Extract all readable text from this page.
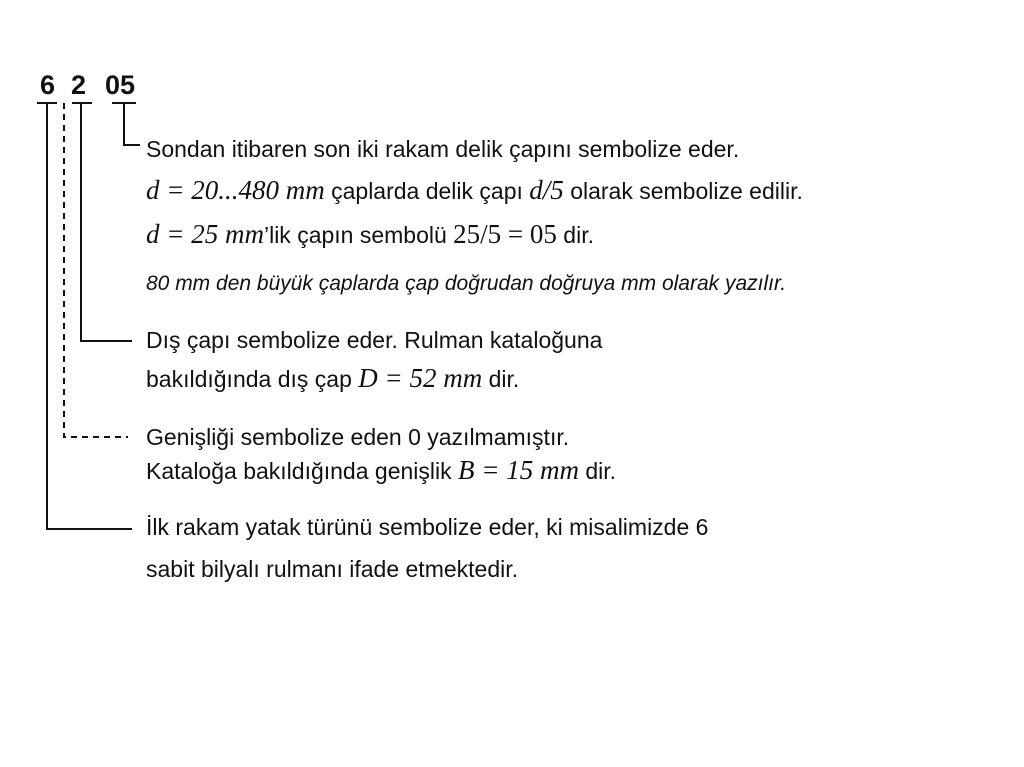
6 2 05
Sondan itibaren son iki rakam delik çapını sembolize eder.
d = 20...480 mm çaplarda delik çapı d/5 olarak sembolize edilir.
d = 25 mm’lik çapın sembolü 25/5 = 05 dir.
80 mm den büyük çaplarda çap doğrudan doğruya mm olarak yazılır.
Dış çapı sembolize eder. Rulman kataloğuna
bakıldığında dış çap D = 52 mm dir.
Genişliği sembolize eden 0 yazılmamıştır.
Kataloğa bakıldığında genişlik B = 15 mm dir.
İlk rakam yatak türünü sembolize eder, ki misalimizde 6
sabit bilyalı rulmanı ifade etmektedir.
